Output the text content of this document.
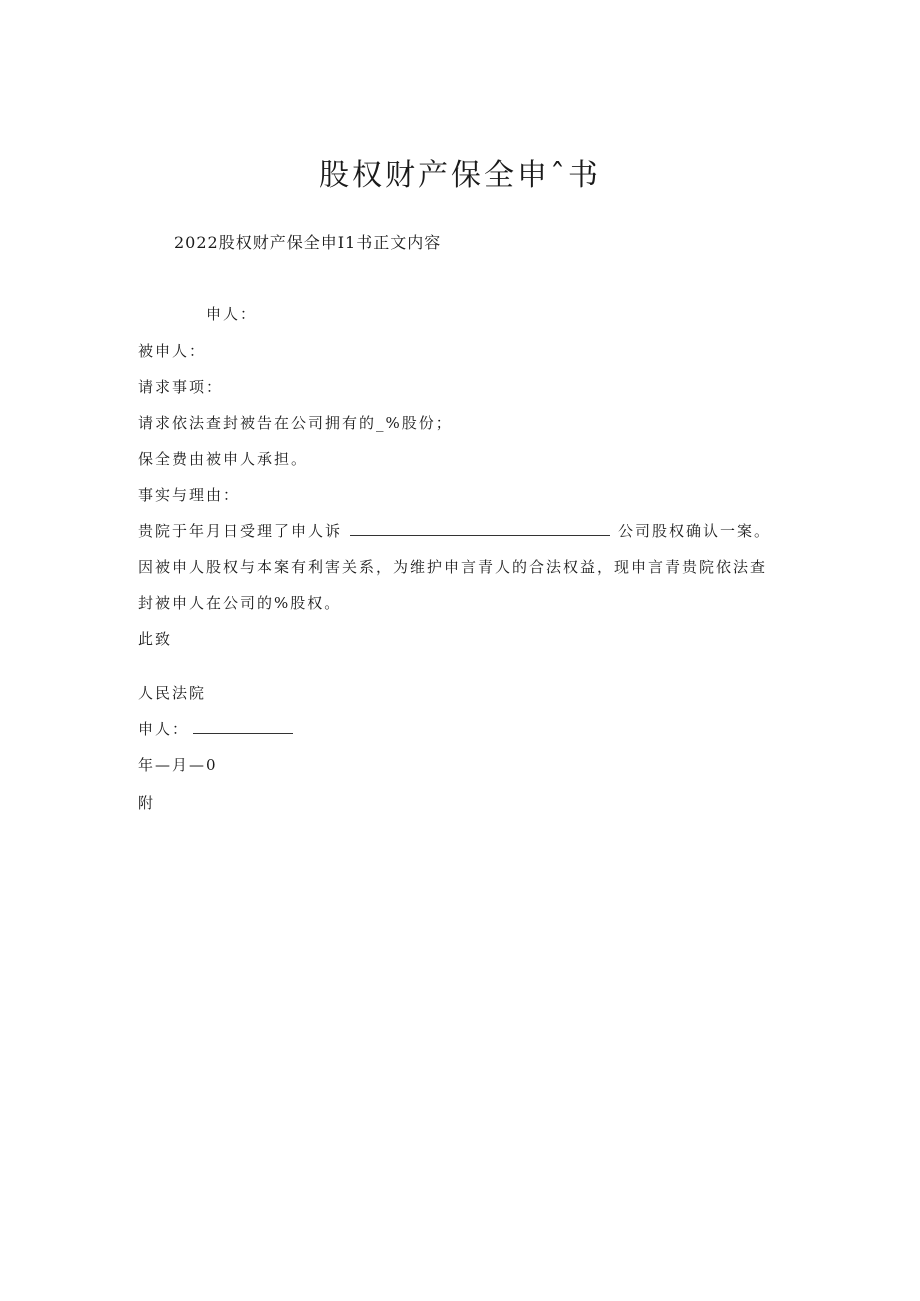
股权财产保全申ˆ书
2022股权财产保全申I1书正文内容
申人：
被申人：
请求事项：
请求依法查封被告在公司拥有的_%股份；
保全费由被申人承担。
事实与理由：
贵院于年月日受理了申人诉	公司股权确认一案。
因被申人股权与本案有利害关系，为维护申言青人的合法权益，现申言青贵院依法查
封被申人在公司的%股权。
此致
人民法院
申人：
年—月—0
附
